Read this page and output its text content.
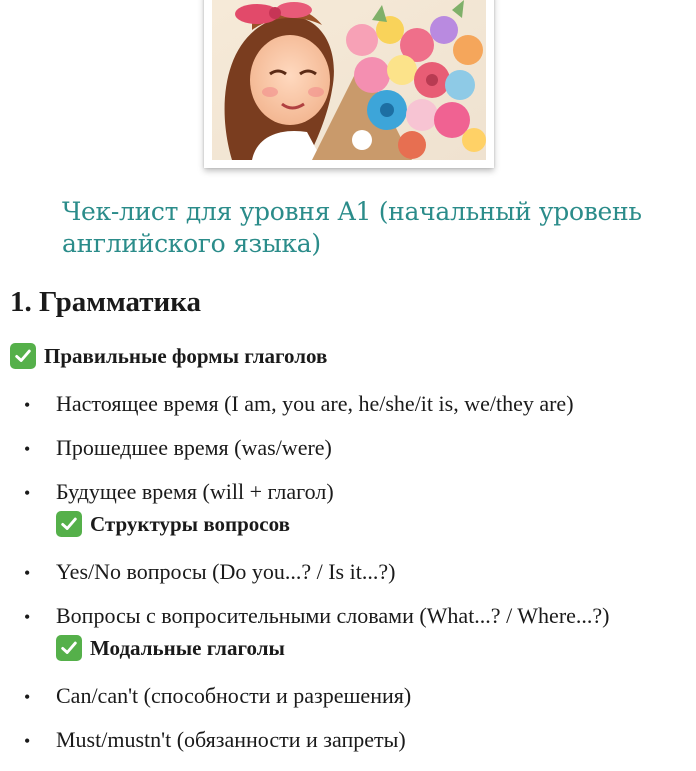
Чек-лист для уровня A1 (начальный уровень английского языка)
1. Грамматика
Правильные формы глаголов
•	Настоящее время (I am, you are, he/she/it is, we/they are)
•	Прошедшее время (was/were)
•	Будущее время (will + глагол)
Структуры вопросов
•	Yes/No вопросы (Do you...? / Is it...?)
•	Вопросы с вопросительными словами (What...? / Where...?)
Модальные глаголы
•	Can/can't (способности и разрешения)
•	Must/mustn't (обязанности и запреты)
